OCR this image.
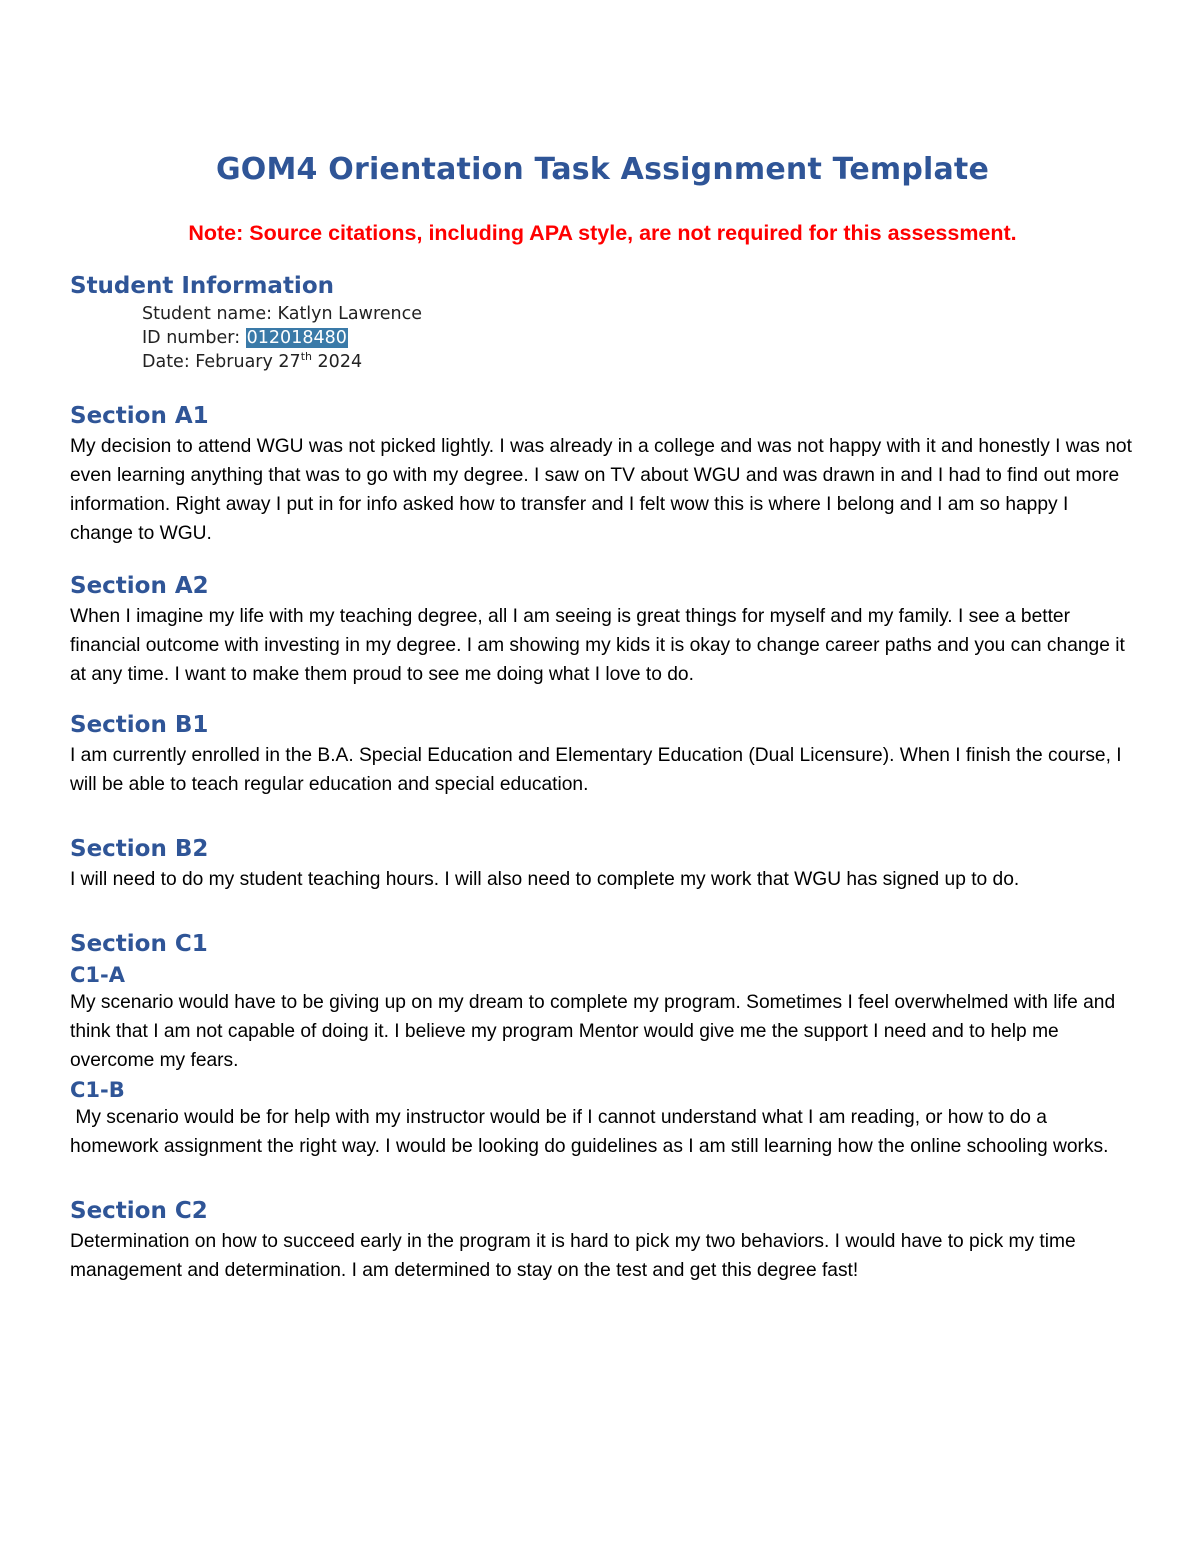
GOM4 Orientation Task Assignment Template

Note: Source citations, including APA style, are not required for this assessment.

Student Information

Student name: Katlyn Lawrence

ID number: 012018480

Date: February 27th 2024

Section A1

My decision to attend WGU was not picked lightly. I was already in a college and was not happy with it and honestly I was not even learning anything that was to go with my degree. I saw on TV about WGU and was drawn in and I had to find out more information. Right away I put in for info asked how to transfer and I felt wow this is where I belong and I am so happy I change to WGU.

Section A2

When I imagine my life with my teaching degree, all I am seeing is great things for myself and my family. I see a better financial outcome with investing in my degree. I am showing my kids it is okay to change career paths and you can change it at any time. I want to make them proud to see me doing what I love to do.

Section B1

I am currently enrolled in the B.A. Special Education and Elementary Education (Dual Licensure). When I finish the course, I will be able to teach regular education and special education.

Section B2

I will need to do my student teaching hours. I will also need to complete my work that WGU has signed up to do.

Section C1
C1-A

My scenario would have to be giving up on my dream to complete my program. Sometimes I feel overwhelmed with life and think that I am not capable of doing it. I believe my program Mentor would give me the support I need and to help me overcome my fears.

C1-B

My scenario would be for help with my instructor would be if I cannot understand what I am reading, or how to do a homework assignment the right way. I would be looking do guidelines as I am still learning how the online schooling works.

Section C2

Determination on how to succeed early in the program it is hard to pick my two behaviors. I would have to pick my time management and determination. I am determined to stay on the test and get this degree fast!
